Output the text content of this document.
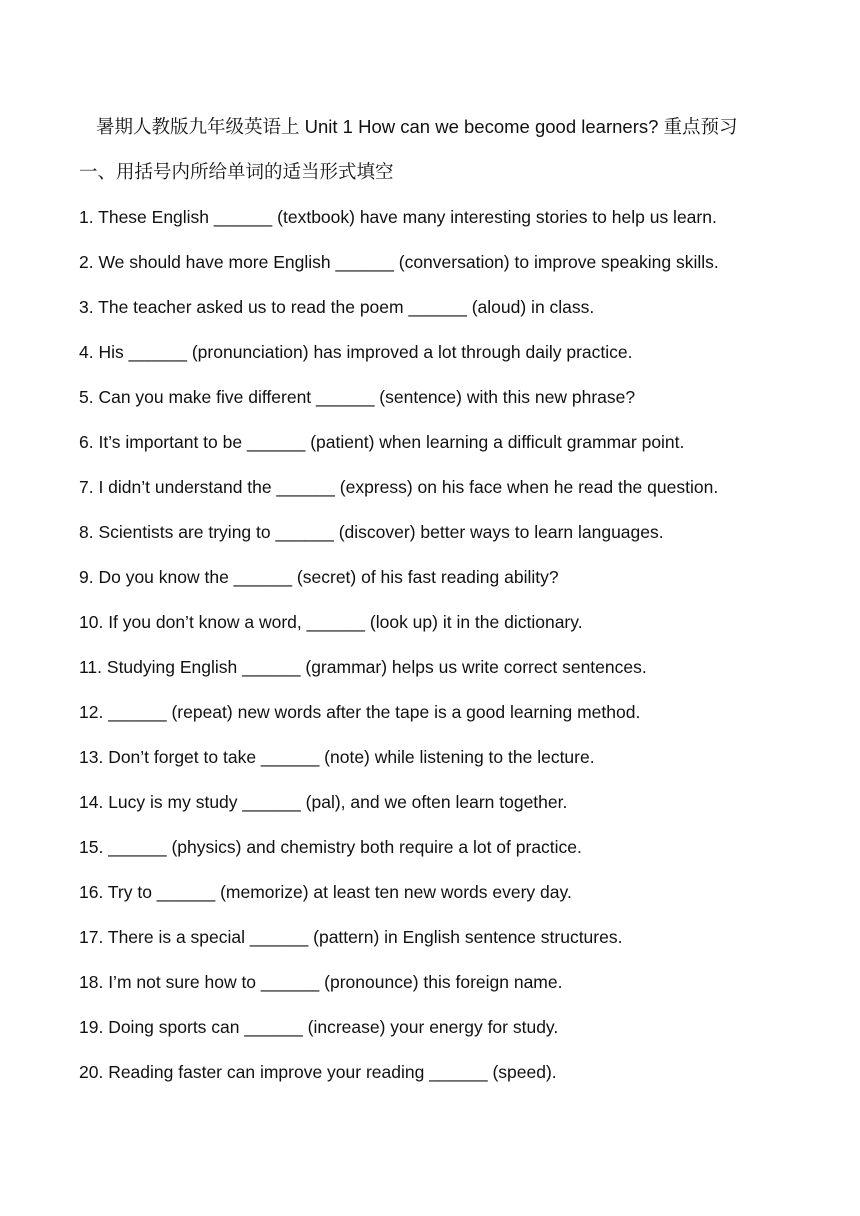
暑期人教版九年级英语上 Unit 1 How can we become good learners? 重点预习
一、用括号内所给单词的适当形式填空
1. These English ______ (textbook) have many interesting stories to help us learn.
2. We should have more English ______ (conversation) to improve speaking skills.
3. The teacher asked us to read the poem ______ (aloud) in class.
4. His ______ (pronunciation) has improved a lot through daily practice.
5. Can you make five different ______ (sentence) with this new phrase?
6. It’s important to be ______ (patient) when learning a difficult grammar point.
7. I didn’t understand the ______ (express) on his face when he read the question.
8. Scientists are trying to ______ (discover) better ways to learn languages.
9. Do you know the ______ (secret) of his fast reading ability?
10. If you don’t know a word, ______ (look up) it in the dictionary.
11. Studying English ______ (grammar) helps us write correct sentences.
12. ______ (repeat) new words after the tape is a good learning method.
13. Don’t forget to take ______ (note) while listening to the lecture.
14. Lucy is my study ______ (pal), and we often learn together.
15. ______ (physics) and chemistry both require a lot of practice.
16. Try to ______ (memorize) at least ten new words every day.
17. There is a special ______ (pattern) in English sentence structures.
18. I’m not sure how to ______ (pronounce) this foreign name.
19. Doing sports can ______ (increase) your energy for study.
20. Reading faster can improve your reading ______ (speed).
